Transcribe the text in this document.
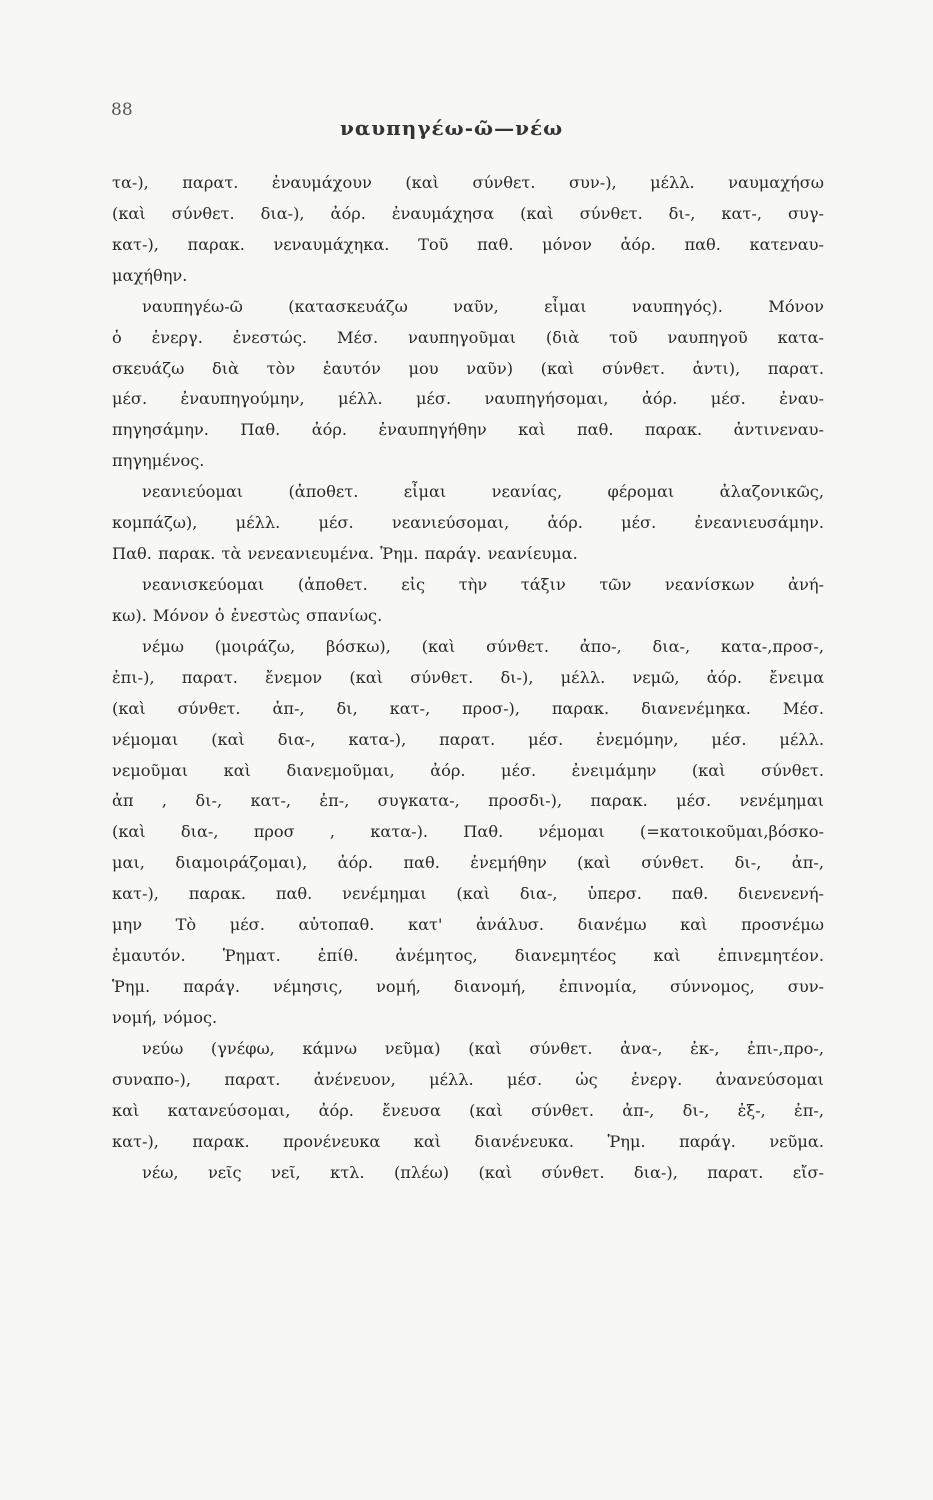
88
ναυπηγέω-ῶ—νέω
τα-), παρατ. ἐναυμάχουν (καὶ σύνθετ. συν-), μέλλ. ναυμαχήσω
(καὶ σύνθετ. δια-), ἀόρ. ἐναυμάχησα (καὶ σύνθετ. δι-, κατ-, συγ-
κατ-), παρακ. νεναυμάχηκα. Τοῦ παθ. μόνον ἀόρ. παθ. κατεναυ-
μαχήθην.
ναυπηγέω-ῶ (κατασκευάζω ναῦν, εἶμαι ναυπηγός). Μόνον
ὁ ἐνεργ. ἐνεστώς. Μέσ. ναυπηγοῦμαι (διὰ τοῦ ναυπηγοῦ κατα-
σκευάζω διὰ τὸν ἑαυτόν μου ναῦν) (καὶ σύνθετ. ἀντι), παρατ.
μέσ. ἐναυπηγούμην, μέλλ. μέσ. ναυπηγήσομαι, ἀόρ. μέσ. ἐναυ-
πηγησάμην. Παθ. ἀόρ. ἐναυπηγήθην καὶ παθ. παρακ. ἀντινεναυ-
πηγημένος.
νεανιεύομαι (ἀποθετ. εἶμαι νεανίας, φέρομαι ἀλαζονικῶς,
κομπάζω), μέλλ. μέσ. νεανιεύσομαι, ἀόρ. μέσ. ἐνεανιευσάμην.
Παθ. παρακ. τὰ νενεανιευμένα. Ῥημ. παράγ. νεανίευμα.
νεανισκεύομαι (ἀποθετ. εἰς τὴν τάξιν τῶν νεανίσκων ἀνή-
κω). Μόνον ὁ ἐνεστὼς σπανίως.
νέμω (μοιράζω, βόσκω), (καὶ σύνθετ. ἀπο-, δια-, κατα-,προσ-,
ἐπι-), παρατ. ἔνεμον (καὶ σύνθετ. δι-), μέλλ. νεμῶ, ἀόρ. ἔνειμα
(καὶ σύνθετ. ἀπ-, δι, κατ-, προσ-), παρακ. διανενέμηκα. Μέσ.
νέμομαι (καὶ δια-, κατα-), παρατ. μέσ. ἐνεμόμην, μέσ. μέλλ.
νεμοῦμαι καὶ διανεμοῦμαι, ἀόρ. μέσ. ἐνειμάμην (καὶ σύνθετ.
ἀπ , δι-, κατ-, ἐπ-, συγκατα-, προσδι-), παρακ. μέσ. νενέμημαι
(καὶ δια-, προσ , κατα-). Παθ. νέμομαι (=κατοικοῦμαι,βόσκο-
μαι, διαμοιράζομαι), ἀόρ. παθ. ἐνεμήθην (καὶ σύνθετ. δι-, ἀπ-,
κατ-), παρακ. παθ. νενέμημαι (καὶ δια-, ὑπερσ. παθ. διενενενή-
μην Τὸ μέσ. αὐτοπαθ. κατ' ἀνάλυσ. διανέμω καὶ προσνέμω
ἐμαυτόν. Ῥηματ. ἐπίθ. ἀνέμητος, διανεμητέος καὶ ἐπινεμητέον.
Ῥημ. παράγ. νέμησις, νομή, διανομή, ἐπινομία, σύννομος, συν-
νομή, νόμος.
νεύω (γνέφω, κάμνω νεῦμα) (καὶ σύνθετ. ἀνα-, ἐκ-, ἐπι-,προ-,
συναπο-), παρατ. ἀνένευον, μέλλ. μέσ. ὡς ἐνεργ. ἀνανεύσομαι
καὶ κατανεύσομαι, ἀόρ. ἔνευσα (καὶ σύνθετ. ἀπ-, δι-, ἐξ-, ἐπ-,
κατ-), παρακ. προνένευκα καὶ διανένευκα. Ῥημ. παράγ. νεῦμα.
νέω, νεῖς νεῖ, κτλ. (πλέω) (καὶ σύνθετ. δια-), παρατ. εἴσ-
